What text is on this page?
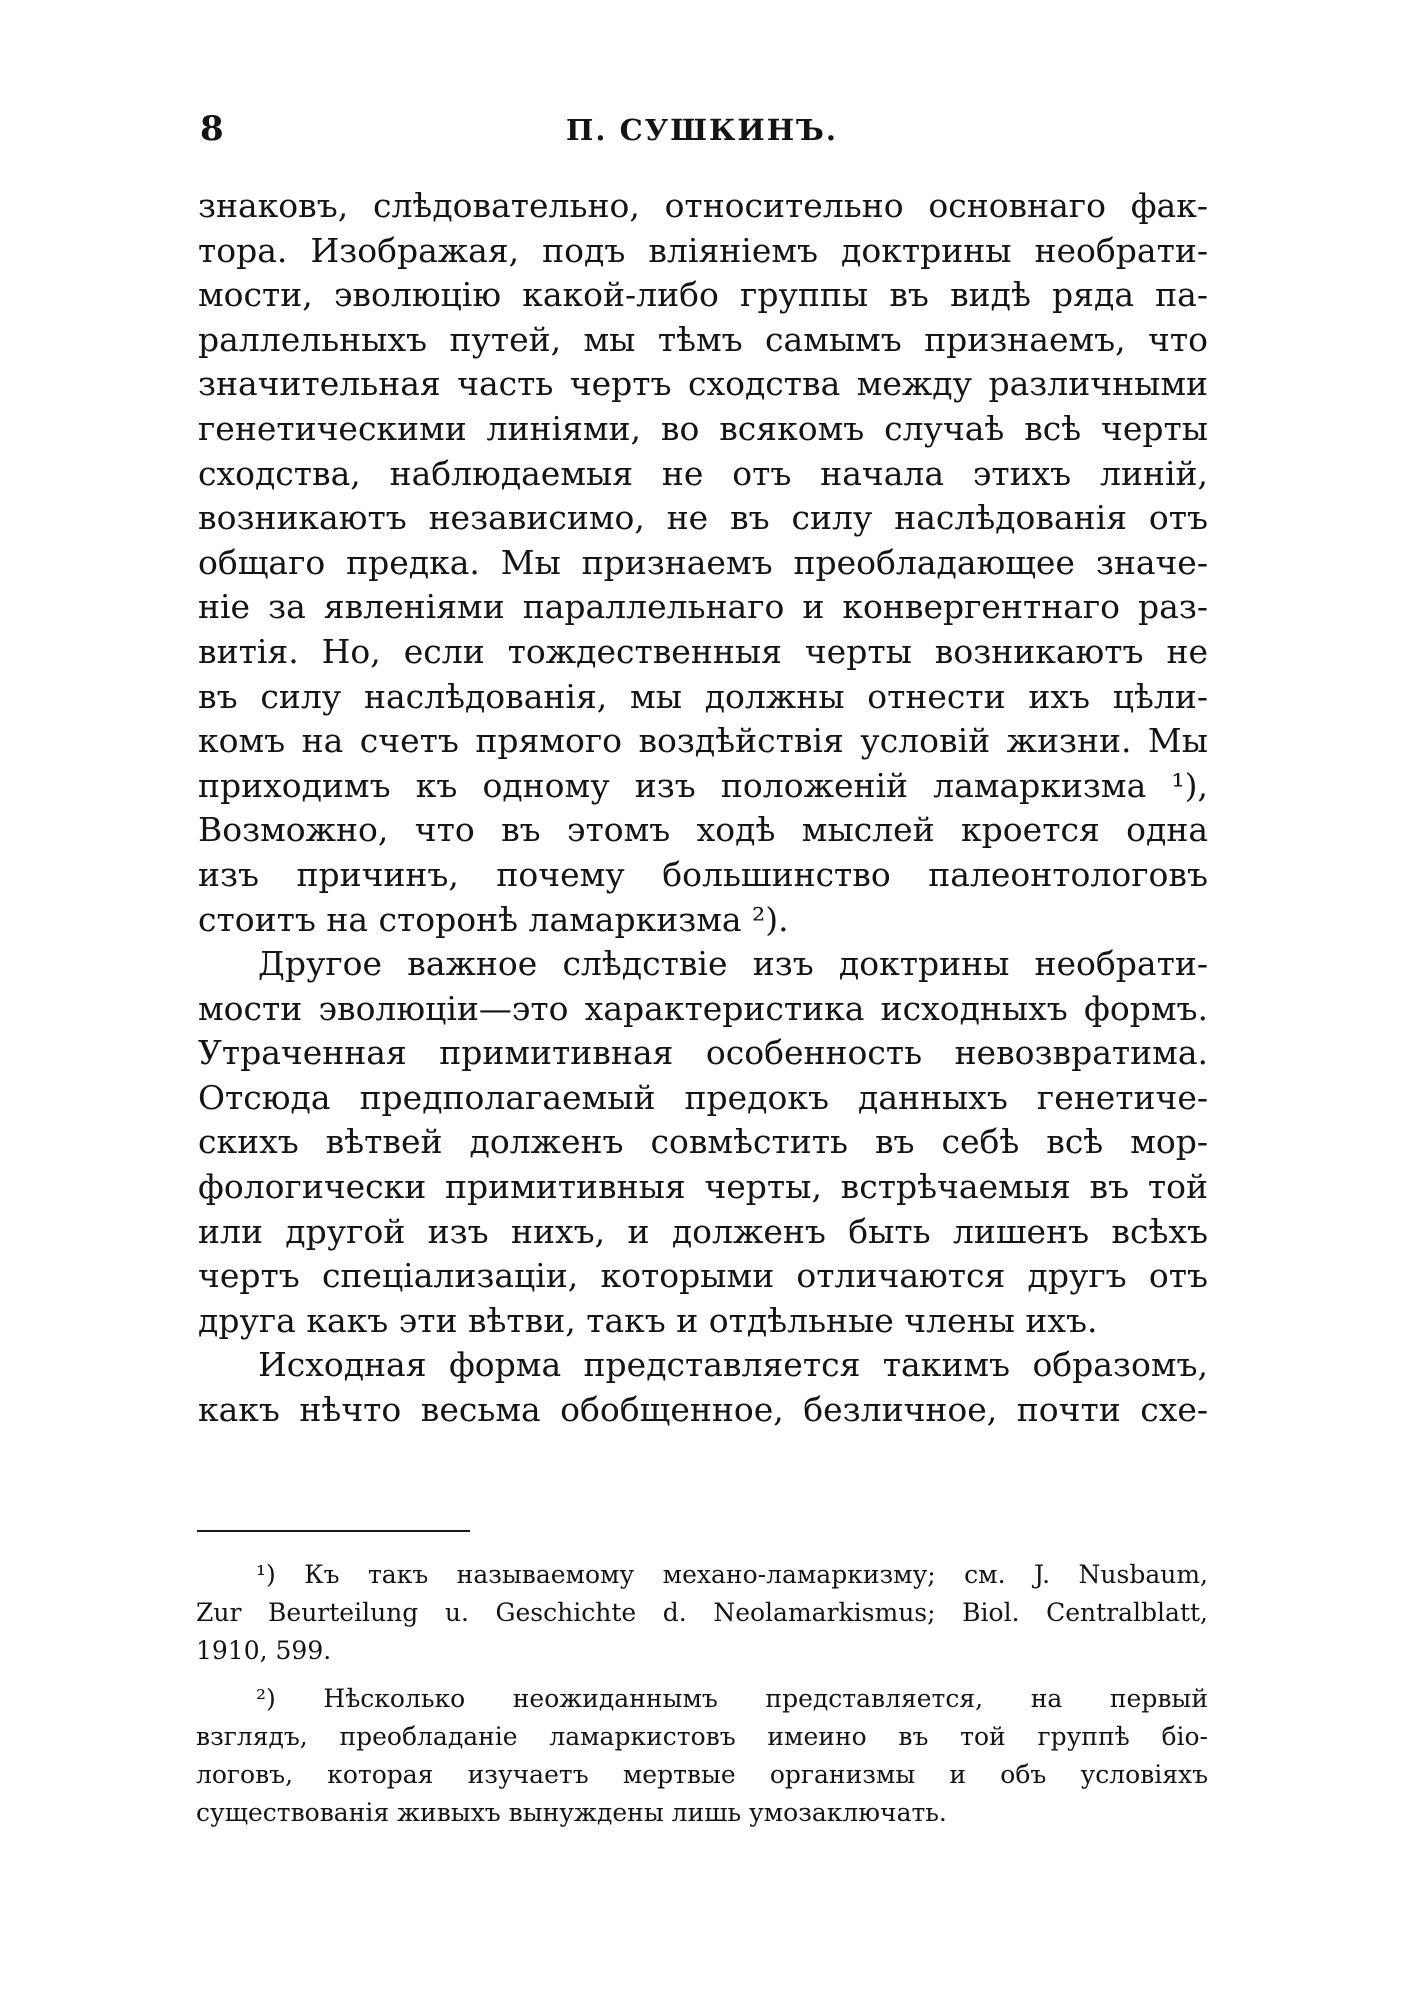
8	П. СУШКИНЪ.
знаковъ, слѣдовательно, относительно основнаго фак-
тора. Изображая, подъ вліяніемъ доктрины необрати-
мости, эволюцію какой-либо группы въ видѣ ряда па-
раллельныхъ путей, мы тѣмъ самымъ признаемъ, что
значительная часть чертъ сходства между различными
генетическими линіями, во всякомъ случаѣ всѣ черты
сходства, наблюдаемыя не отъ начала этихъ линій,
возникаютъ независимо, не въ силу наслѣдованія отъ
общаго предка. Мы признаемъ преобладающее значе-
ніе за явленіями параллельнаго и конвергентнаго раз-
витія. Но, если тождественныя черты возникаютъ не
въ силу наслѣдованія, мы должны отнести ихъ цѣли-
комъ на счетъ прямого воздѣйствія условій жизни. Мы
приходимъ къ одному изъ положеній ламаркизма ¹),
Возможно, что въ этомъ ходѣ мыслей кроется одна
изъ причинъ, почему большинство палеонтологовъ
стоитъ на сторонѣ ламаркизма ²).
Другое важное слѣдствіе изъ доктрины необрати-
мости эволюціи—это характеристика исходныхъ формъ.
Утраченная примитивная особенность невозвратима.
Отсюда предполагаемый предокъ данныхъ генетиче-
скихъ вѣтвей долженъ совмѣстить въ себѣ всѣ мор-
фологически примитивныя черты, встрѣчаемыя въ той
или другой изъ нихъ, и долженъ быть лишенъ всѣхъ
чертъ спеціализаціи, которыми отличаются другъ отъ
друга какъ эти вѣтви, такъ и отдѣльные члены ихъ.
Исходная форма представляется такимъ образомъ,
какъ нѣчто весьма обобщенное, безличное, почти схе-
¹) Къ такъ называемому механо-ламаркизму; см. J. Nusbaum,
Zur Beurteilung u. Geschichte d. Neolamarkismus; Biol. Centralblatt,
1910, 599.
²) Нѣсколько неожиданнымъ представляется, на первый
взглядъ, преобладаніе ламаркистовъ имеино въ той группѣ біо-
логовъ, которая изучаетъ мертвые организмы и объ условіяхъ
существованія живыхъ вынуждены лишь умозаключать.
